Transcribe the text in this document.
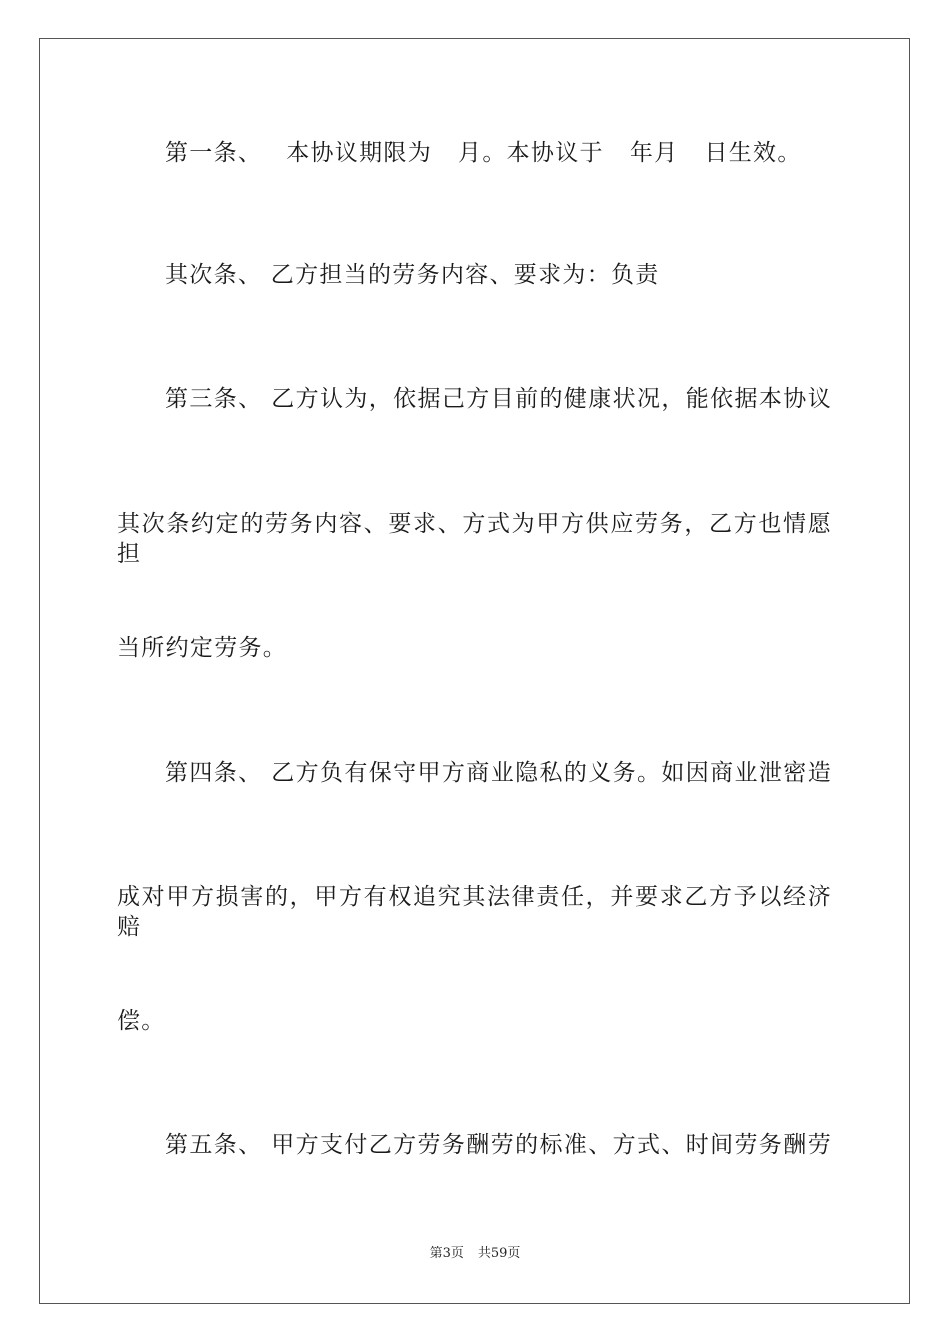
第一条、 本协议期限为 月。本协议于 年月 日生效。
其次条、 乙方担当的劳务内容、要求为：负责
第三条、 乙方认为，依据己方目前的健康状况，能依据本协议
其次条约定的劳务内容、要求、方式为甲方供应劳务，乙方也情愿担
当所约定劳务。
第四条、 乙方负有保守甲方商业隐私的义务。如因商业泄密造
成对甲方损害的，甲方有权追究其法律责任，并要求乙方予以经济赔
偿。
第五条、 甲方支付乙方劳务酬劳的标准、方式、时间劳务酬劳
第3页 共59页
